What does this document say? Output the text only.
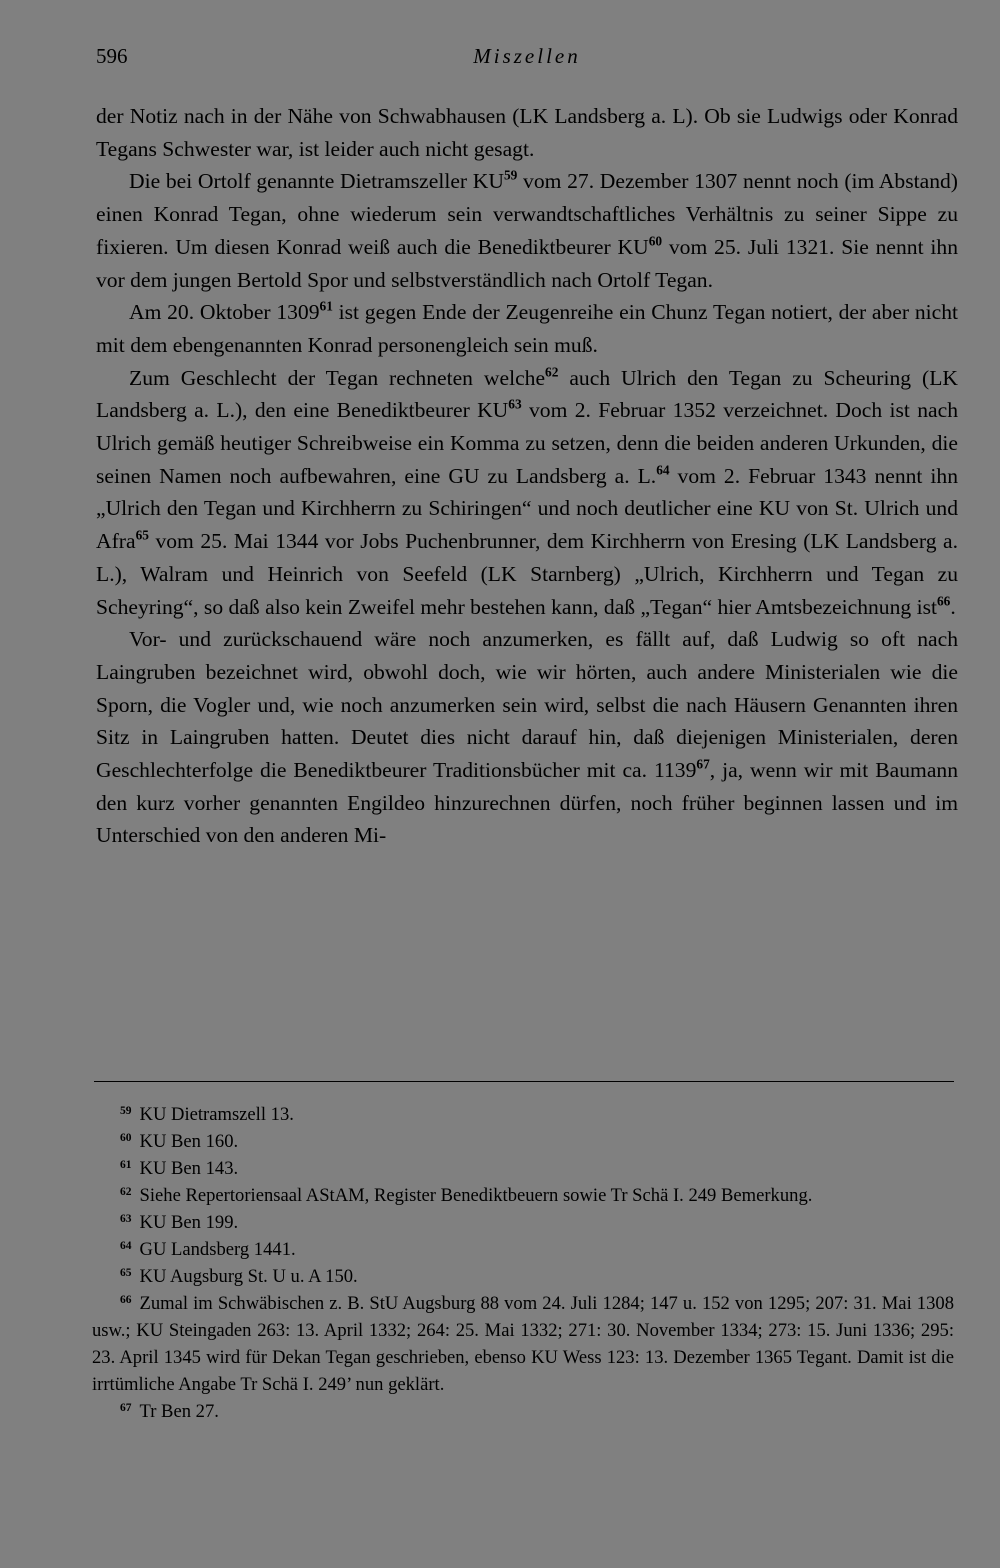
596	Miszellen

der Notiz nach in der Nähe von Schwabhausen (LK Landsberg a. L). Ob sie Ludwigs oder Konrad Tegans Schwester war, ist leider auch nicht gesagt.

Die bei Ortolf genannte Dietramszeller KU$^{59}$ vom 27. Dezember 1307 nennt noch (im Abstand) einen Konrad Tegan, ohne wiederum sein verwandtschaftliches Verhältnis zu seiner Sippe zu fixieren. Um diesen Konrad weiß auch die Benediktbeurer KU$^{60}$ vom 25. Juli 1321. Sie nennt ihn vor dem jungen Bertold Spor und selbstverständlich nach Ortolf Tegan.

Am 20. Oktober 1309$^{61}$ ist gegen Ende der Zeugenreihe ein Chunz Tegan notiert, der aber nicht mit dem ebengenannten Konrad personengleich sein muß.

Zum Geschlecht der Tegan rechneten welche$^{62}$ auch Ulrich den Tegan zu Scheuring (LK Landsberg a. L.), den eine Benediktbeurer KU$^{63}$ vom 2. Februar 1352 verzeichnet. Doch ist nach Ulrich gemäß heutiger Schreibweise ein Komma zu setzen, denn die beiden anderen Urkunden, die seinen Namen noch aufbewahren, eine GU zu Landsberg a. L.$^{64}$ vom 2. Februar 1343 nennt ihn „Ulrich den Tegan und Kirchherrn zu Schiringen“ und noch deutlicher eine KU von St. Ulrich und Afra$^{65}$ vom 25. Mai 1344 vor Jobs Puchenbrunner, dem Kirchherrn von Eresing (LK Landsberg a. L.), Walram und Heinrich von Seefeld (LK Starnberg) „Ulrich, Kirchherrn und Tegan zu Scheyring“, so daß also kein Zweifel mehr bestehen kann, daß „Tegan“ hier Amtsbezeichnung ist$^{66}$.

Vor- und zurückschauend wäre noch anzumerken, es fällt auf, daß Ludwig so oft nach Laingruben bezeichnet wird, obwohl doch, wie wir hörten, auch andere Ministerialen wie die Sporn, die Vogler und, wie noch anzumerken sein wird, selbst die nach Häusern Genannten ihren Sitz in Laingruben hatten. Deutet dies nicht darauf hin, daß diejenigen Ministerialen, deren Geschlechterfolge die Benediktbeurer Traditionsbücher mit ca. 1139$^{67}$, ja, wenn wir mit Baumann den kurz vorher genannten Engildeo hinzurechnen dürfen, noch früher beginnen lassen und im Unterschied von den anderen Mi-

$^{59}$ KU Dietramszell 13.

$^{60}$ KU Ben 160.

$^{61}$ KU Ben 143.

$^{62}$ Siehe Repertoriensaal AStAM, Register Benediktbeuern sowie Tr Schä I. 249 Bemerkung.

$^{63}$ KU Ben 199.

$^{64}$ GU Landsberg 1441.

$^{65}$ KU Augsburg St. U u. A 150.

$^{66}$ Zumal im Schwäbischen z. B. StU Augsburg 88 vom 24. Juli 1284; 147 u. 152 von 1295; 207: 31. Mai 1308 usw.; KU Steingaden 263: 13. April 1332; 264: 25. Mai 1332; 271: 30. November 1334; 273: 15. Juni 1336; 295: 23. April 1345 wird für Dekan Tegan geschrieben, ebenso KU Wess 123: 13. Dezember 1365 Tegant. Damit ist die irrtümliche Angabe Tr Schä I. 249’ nun geklärt.

$^{67}$ Tr Ben 27.
